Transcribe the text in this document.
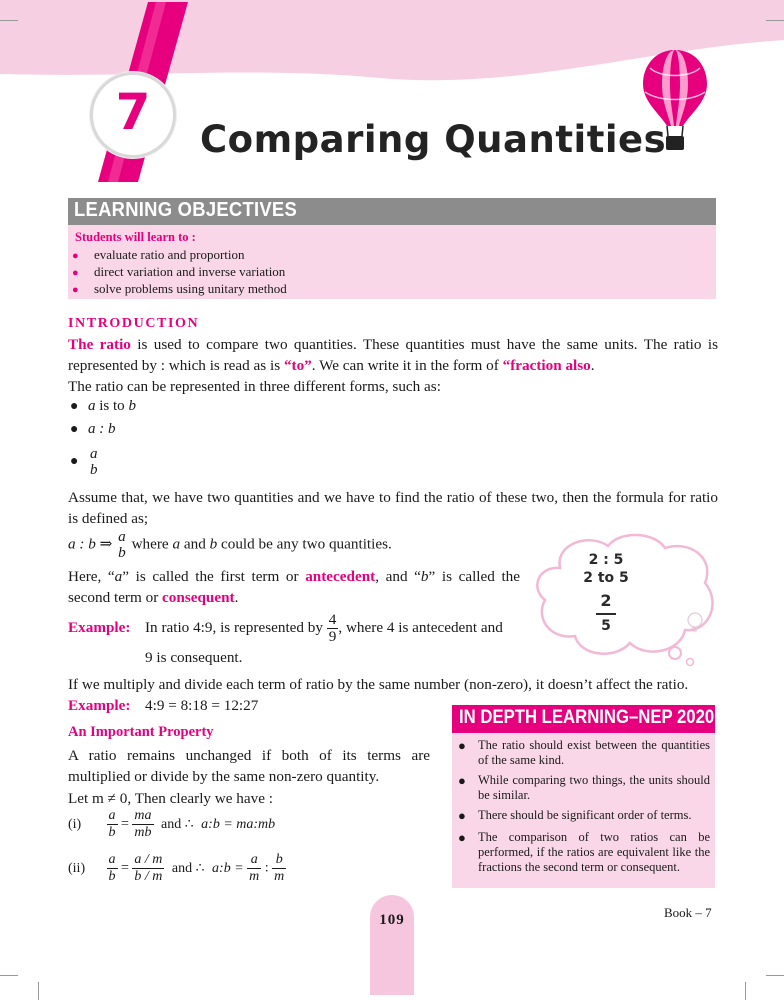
7	Comparing Quantities
LEARNING OBJECTIVES
Students will learn to :
● evaluate ratio and proportion
● direct variation and inverse variation
● solve problems using unitary method
INTRODUCTION
The ratio is used to compare two quantities. These quantities must have the same units. The ratio is represented by : which is read as is “to”. We can write it in the form of “fraction also.
The ratio can be represented in three different forms, such as:
● a is to b
● a : b
● a
b
Assume that, we have two quantities and we have to find the ratio of these two, then the formula for ratio is defined as;
a : b ⇒ a
b
where a and b could be any two quantities.
Here, “a” is called the first term or antecedent, and “b” is called the second term or consequent.
Example: In ratio 4:9, is represented by $\frac{4}{9}$ , where 4 is antecedent and
9 is consequent.
2 : 5
2 to 5
2
5
If we multiply and divide each term of ratio by the same number (non-zero), it doesn’t affect the ratio.
Example: 4:9 = 8:18 = 12:27
An Important Property
A ratio remains unchanged if both of its terms are multiplied or divide by the same non-zero quantity.
Let m ≠ 0, Then clearly we have :
$(i) \frac{a}{b} = \frac{ma}{mb}$ and ∴ a:b = ma:mb
$(ii) \frac{a}{b} = \frac{a / m}{b / m}$ and ∴ a:b = $\frac{a}{m}$ : $\frac{b}{m}$
IN DEPTH LEARNING–NEP 2020
● The ratio should exist between the quantities of the same kind.
● While comparing two things, the units should be similar.
● There should be significant order of terms.
● The comparison of two ratios can be performed, if the ratios are equivalent like the fractions the second term or consequent.
109	Book – 7
